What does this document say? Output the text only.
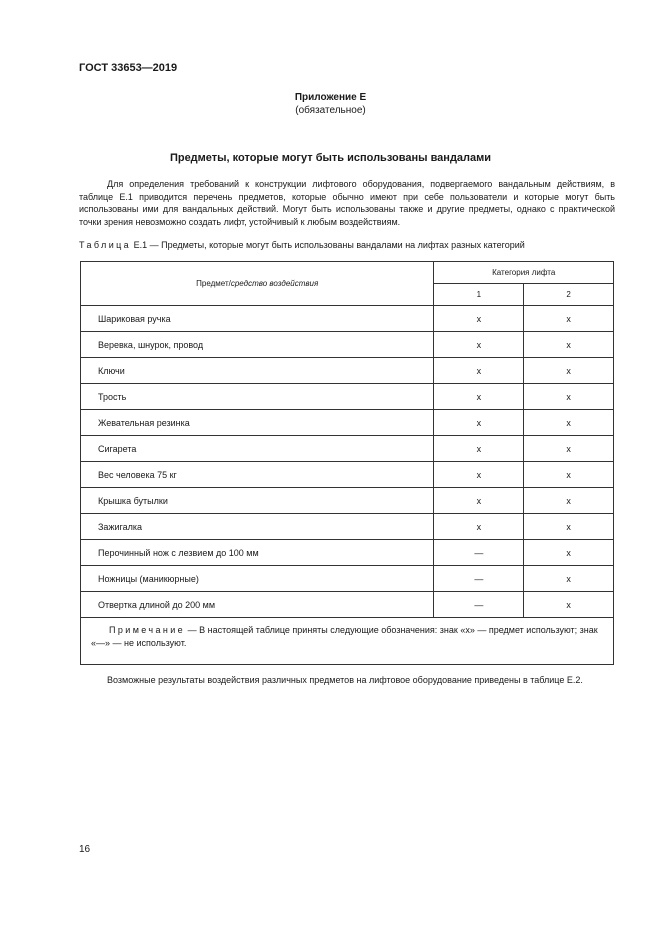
ГОСТ 33653—2019
Приложение Е
(обязательное)
Предметы, которые могут быть использованы вандалами
Для определения требований к конструкции лифтового оборудования, подвергаемого вандальным действиям, в таблице Е.1 приводится перечень предметов, которые обычно имеют при себе пользователи и которые могут быть использованы ими для вандальных действий. Могут быть использованы также и другие предметы, однако с практической точки зрения невозможно создать лифт, устойчивый к любым воздействиям.
Таблица Е.1 — Предметы, которые могут быть использованы вандалами на лифтах разных категорий
Предмет/средство воздействия	Категория лифта	
	1	2
Шариковая ручка	х	х
Веревка, шнурок, провод	х	х
Ключи	х	х
Трость	х	х
Жевательная резинка	х	х
Сигарета	х	х
Вес человека 75 кг	х	х
Крышка бутылки	х	х
Зажигалка	х	х
Перочинный нож с лезвием до 100 мм	—	х
Ножницы (маникюрные)	—	х
Отвертка длиной до 200 мм	—	х
Примечание — В настоящей таблице приняты следующие обозначения: знак «х» — предмет используют; знак «—» — не используют.		
Возможные результаты воздействия различных предметов на лифтовое оборудование приведены в таблице Е.2.
16
